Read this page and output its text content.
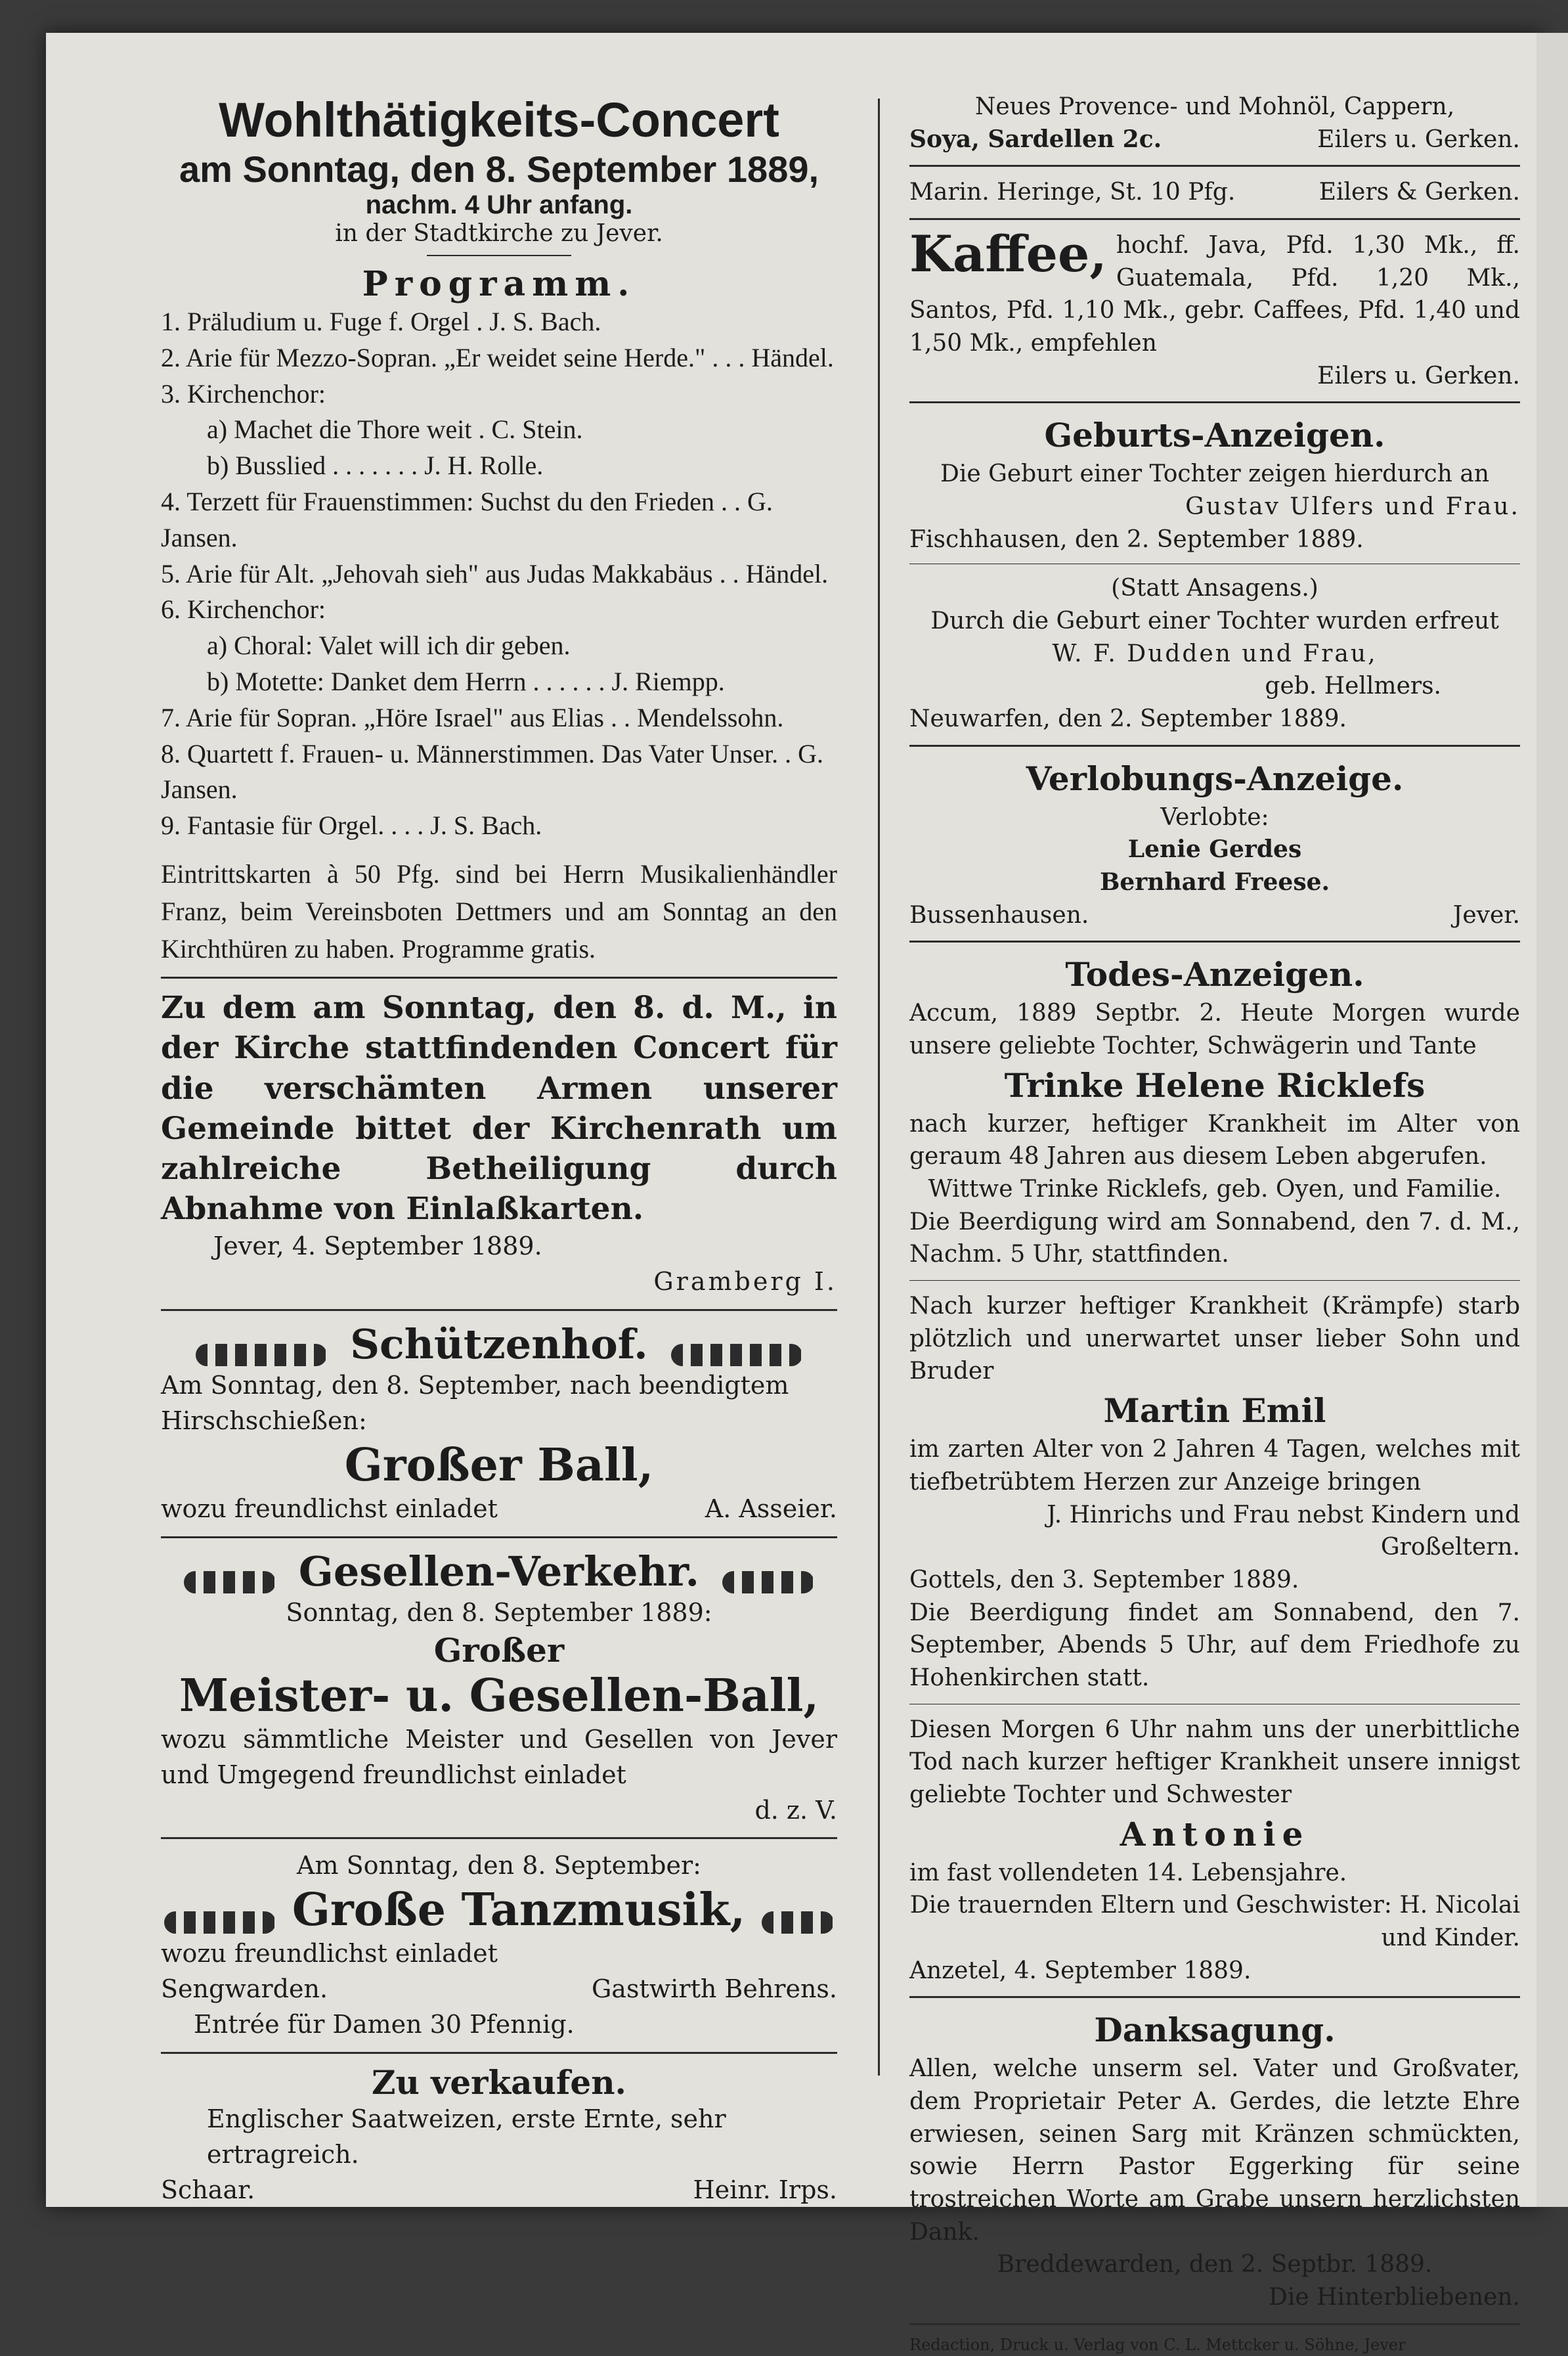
Wohlthätigkeits-Concert
am Sonntag, den 8. September 1889,
nachm. 4 Uhr anfang.
in der Stadtkirche zu Jever.
Programm.
1. Präludium u. Fuge f. Orgel . J. S. Bach.
2. Arie für Mezzo-Sopran. „Er weidet seine Herde." . . . Händel.
3. Kirchenchor:
a) Machet die Thore weit . C. Stein.
b) Busslied . . . . . . . J. H. Rolle.
4. Terzett für Frauenstimmen: Suchst du den Frieden . . G. Jansen.
5. Arie für Alt. „Jehovah sieh" aus Judas Makkabäus . . Händel.
6. Kirchenchor:
a) Choral: Valet will ich dir geben.
b) Motette: Danket dem Herrn . . . . . . J. Riempp.
7. Arie für Sopran. „Höre Israel" aus Elias . . Mendelssohn.
8. Quartett f. Frauen- u. Männerstimmen. Das Vater Unser. . G. Jansen.
9. Fantasie für Orgel. . . . J. S. Bach.

Eintrittskarten à 50 Pfg. sind bei Herrn Musikalienhändler Franz, beim Vereinsboten Dettmers und am Sonntag an den Kirchthüren zu haben. Programme gratis.

Zu dem am Sonntag, den 8. d. M., in der Kirche stattfindenden Concert für die verschämten Armen unserer Gemeinde bittet der Kirchenrath um zahlreiche Betheiligung durch Abnahme von Einlaßkarten.

Jever, 4. September 1889.
Gramberg I.
Schützenhof.

Am Sonntag, den 8. September, nach beendigtem Hirschschießen:

Großer Ball,
wozu freundlichst einladet	A. Asseier.
Gesellen-Verkehr.
Sonntag, den 8. September 1889:
Großer
Meister- u. Gesellen-Ball,

wozu sämmtliche Meister und Gesellen von Jever und Umgegend freundlichst einladet

d. z. V.
Am Sonntag, den 8. September:
Große Tanzmusik,
wozu freundlichst einladet
Sengwarden.	Gastwirth Behrens.
Entrée für Damen 30 Pfennig.
Zu verkaufen.
Englischer Saatweizen, erste Ernte, sehr ertragreich.
Schaar.	Heinr. Irps.
Neues Provence- und Mohnöl, Cappern,
Soya, Sardellen 2c.	Eilers u. Gerken.
Marin. Heringe, St. 10 Pfg.	Eilers & Gerken.

Kaffee, hochf. Java, Pfd. 1,30 Mk., ff. Guatemala, Pfd. 1,20 Mk., Santos, Pfd. 1,10 Mk., gebr. Caffees, Pfd. 1,40 und 1,50 Mk., empfehlen

Eilers u. Gerken.
Geburts-Anzeigen.

Die Geburt einer Tochter zeigen hierdurch an

Gustav Ulfers und Frau.

Fischhausen, den 2. September 1889.

(Statt Ansagens.)

Durch die Geburt einer Tochter wurden erfreut

W. F. Dudden und Frau,

geb. Hellmers.

Neuwarfen, den 2. September 1889.

Verlobungs-Anzeige.

Verlobte:

Lenie Gerdes

Bernhard Freese.

Bussenhausen.	Jever.
Todes-Anzeigen.

Accum, 1889 Septbr. 2. Heute Morgen wurde unsere geliebte Tochter, Schwägerin und Tante

Trinke Helene Ricklefs

nach kurzer, heftiger Krankheit im Alter von geraum 48 Jahren aus diesem Leben abgerufen.

Wittwe Trinke Ricklefs, geb. Oyen, und Familie.

Die Beerdigung wird am Sonnabend, den 7. d. M., Nachm. 5 Uhr, stattfinden.

Nach kurzer heftiger Krankheit (Krämpfe) starb plötzlich und unerwartet unser lieber Sohn und Bruder

Martin Emil

im zarten Alter von 2 Jahren 4 Tagen, welches mit tiefbetrübtem Herzen zur Anzeige bringen

J. Hinrichs und Frau nebst Kindern und Großeltern.

Gottels, den 3. September 1889.

Die Beerdigung findet am Sonnabend, den 7. September, Abends 5 Uhr, auf dem Friedhofe zu Hohenkirchen statt.

Diesen Morgen 6 Uhr nahm uns der unerbittliche Tod nach kurzer heftiger Krankheit unsere innigst geliebte Tochter und Schwester

Antonie

im fast vollendeten 14. Lebensjahre.

Die trauernden Eltern und Geschwister: H. Nicolai und Kinder.

Anzetel, 4. September 1889.

Danksagung.

Allen, welche unserm sel. Vater und Großvater, dem Proprietair Peter A. Gerdes, die letzte Ehre erwiesen, seinen Sarg mit Kränzen schmückten, sowie Herrn Pastor Eggerking für seine trostreichen Worte am Grabe unsern herzlichsten Dank.

Breddewarden, den 2. Septbr. 1889.

Die Hinterbliebenen.

Redaction, Druck u. Verlag von C. L. Mettcker u. Söhne, Jever
